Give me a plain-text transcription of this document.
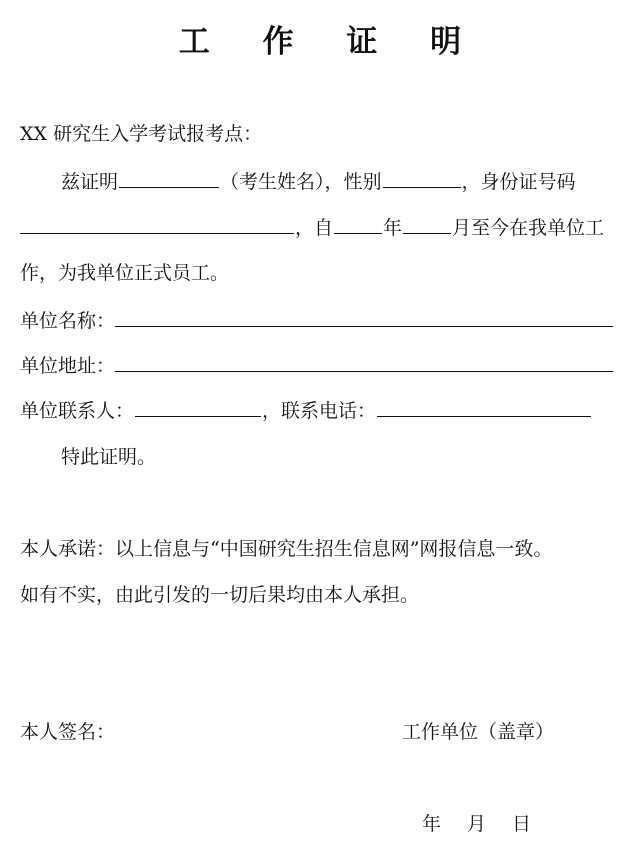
工 作 证 明
XX 研究生入学考试报考点：
兹证明	（考生姓名），性别	，身份证号码
，自	年	月至今在我单位工
作，为我单位正式员工。
单位名称：
单位地址：
单位联系人：	，联系电话：
特此证明。
本人承诺：以上信息与“中国研究生招生信息网”网报信息一致。
如有不实，由此引发的一切后果均由本人承担。
本人签名：	工作单位（盖章）
年 月 日
